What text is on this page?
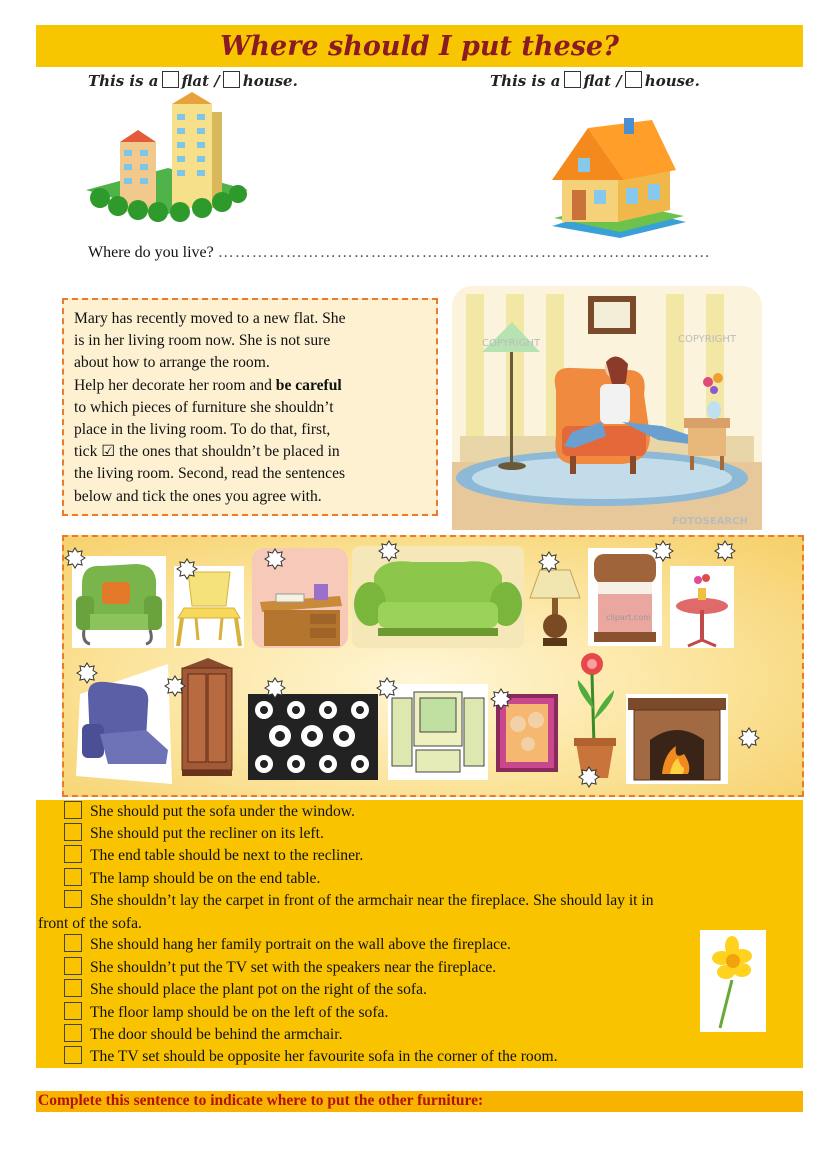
Where should I put these?
This is a flat / house.	This is a flat / house.
Where do you live? ……………………………………………………………………………
Mary has recently moved to a new flat. She
is in her living room now. She is not sure
about how to arrange the room.
Help her decorate her room and be careful
to which pieces of furniture she shouldn’t
place in the living room. To do that, first,
tick ☑ the ones that shouldn’t be placed in
the living room. Second, read the sentences
below and tick the ones you agree with.
COPYRIGHT	COPYRIGHT
FOTOSEARCH
clipart.com
She should put the sofa under the window.
She should put the recliner on its left.
The end table should be next to the recliner.
The lamp should be on the end table.
She shouldn’t lay the carpet in front of the armchair near the fireplace. She should lay it in
front of the sofa.
She should hang her family portrait on the wall above the fireplace.
She shouldn’t put the TV set with the speakers near the fireplace.
She should place the plant pot on the right of the sofa.
The floor lamp should be on the left of the sofa.
The door should be behind the armchair.
The TV set should be opposite her favourite sofa in the corner of the room.
Complete this sentence to indicate where to put the other furniture:
